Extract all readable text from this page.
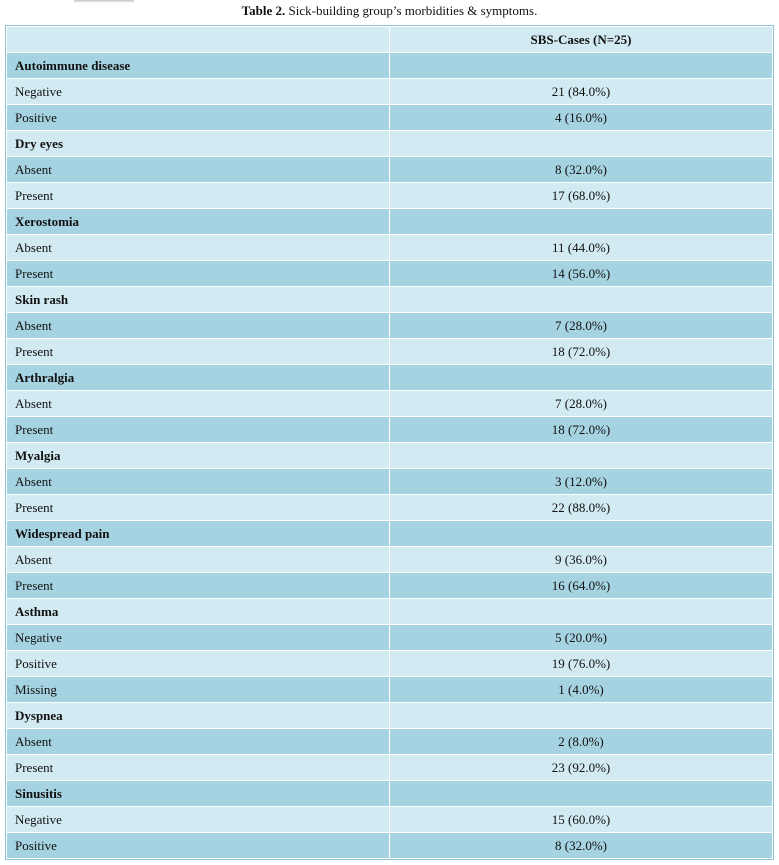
Table 2. Sick-building group’s morbidities & symptoms.
	SBS-Cases (N=25)
Autoimmune disease	
Negative	21 (84.0%)
Positive	4 (16.0%)
Dry eyes	
Absent	8 (32.0%)
Present	17 (68.0%)
Xerostomia	
Absent	11 (44.0%)
Present	14 (56.0%)
Skin rash	
Absent	7 (28.0%)
Present	18 (72.0%)
Arthralgia	
Absent	7 (28.0%)
Present	18 (72.0%)
Myalgia	
Absent	3 (12.0%)
Present	22 (88.0%)
Widespread pain	
Absent	9 (36.0%)
Present	16 (64.0%)
Asthma	
Negative	5 (20.0%)
Positive	19 (76.0%)
Missing	1 (4.0%)
Dyspnea	
Absent	2 (8.0%)
Present	23 (92.0%)
Sinusitis	
Negative	15 (60.0%)
Positive	8 (32.0%)
